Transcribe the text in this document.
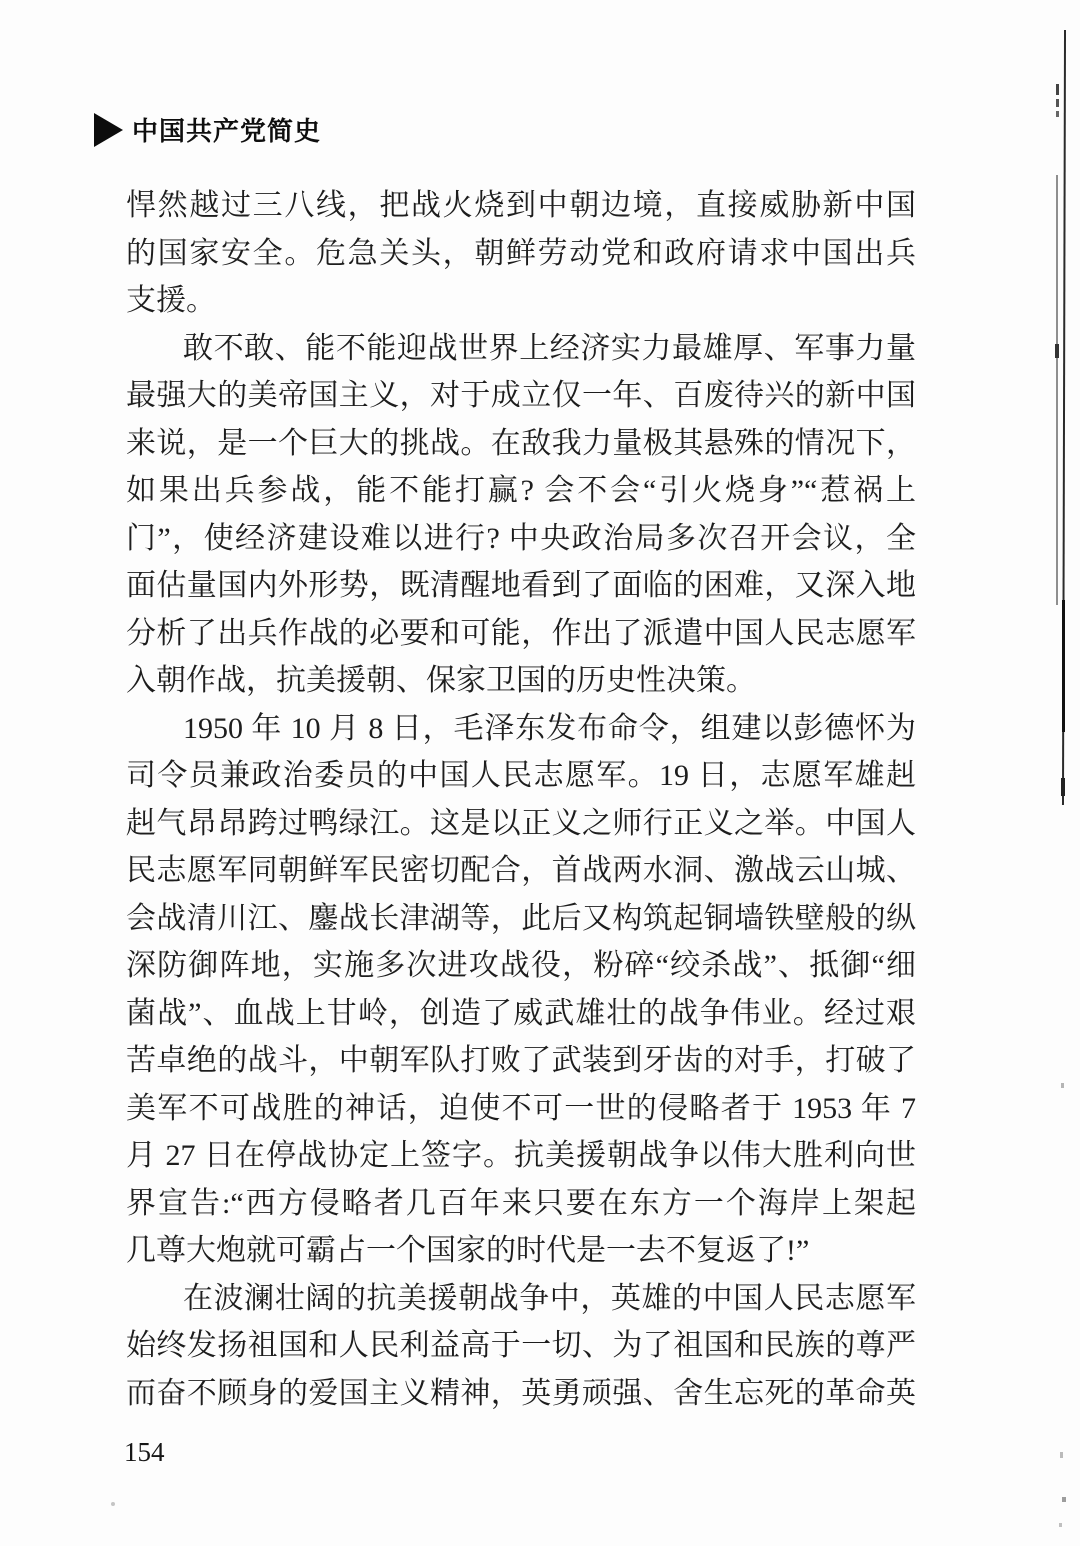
中国共产党简史
悍然越过三八线，把战火烧到中朝边境，直接威胁新中国
的国家安全。危急关头，朝鲜劳动党和政府请求中国出兵
支援。
敢不敢、能不能迎战世界上经济实力最雄厚、军事力量
最强大的美帝国主义，对于成立仅一年、百废待兴的新中国
来说，是一个巨大的挑战。在敌我力量极其悬殊的情况下，
如果出兵参战，能不能打赢? 会不会“引火烧身”“惹祸上
门”，使经济建设难以进行? 中央政治局多次召开会议，全
面估量国内外形势，既清醒地看到了面临的困难，又深入地
分析了出兵作战的必要和可能，作出了派遣中国人民志愿军
入朝作战，抗美援朝、保家卫国的历史性决策。
1950 年 10 月 8 日，毛泽东发布命令，组建以彭德怀为
司令员兼政治委员的中国人民志愿军。19 日，志愿军雄赳
赳气昂昂跨过鸭绿江。这是以正义之师行正义之举。中国人
民志愿军同朝鲜军民密切配合，首战两水洞、激战云山城、
会战清川江、鏖战长津湖等，此后又构筑起铜墙铁壁般的纵
深防御阵地，实施多次进攻战役，粉碎“绞杀战”、抵御“细
菌战”、血战上甘岭，创造了威武雄壮的战争伟业。经过艰
苦卓绝的战斗，中朝军队打败了武装到牙齿的对手，打破了
美军不可战胜的神话，迫使不可一世的侵略者于 1953 年 7
月 27 日在停战协定上签字。抗美援朝战争以伟大胜利向世
界宣告:“西方侵略者几百年来只要在东方一个海岸上架起
几尊大炮就可霸占一个国家的时代是一去不复返了!”
在波澜壮阔的抗美援朝战争中，英雄的中国人民志愿军
始终发扬祖国和人民利益高于一切、为了祖国和民族的尊严
而奋不顾身的爱国主义精神，英勇顽强、舍生忘死的革命英
154
